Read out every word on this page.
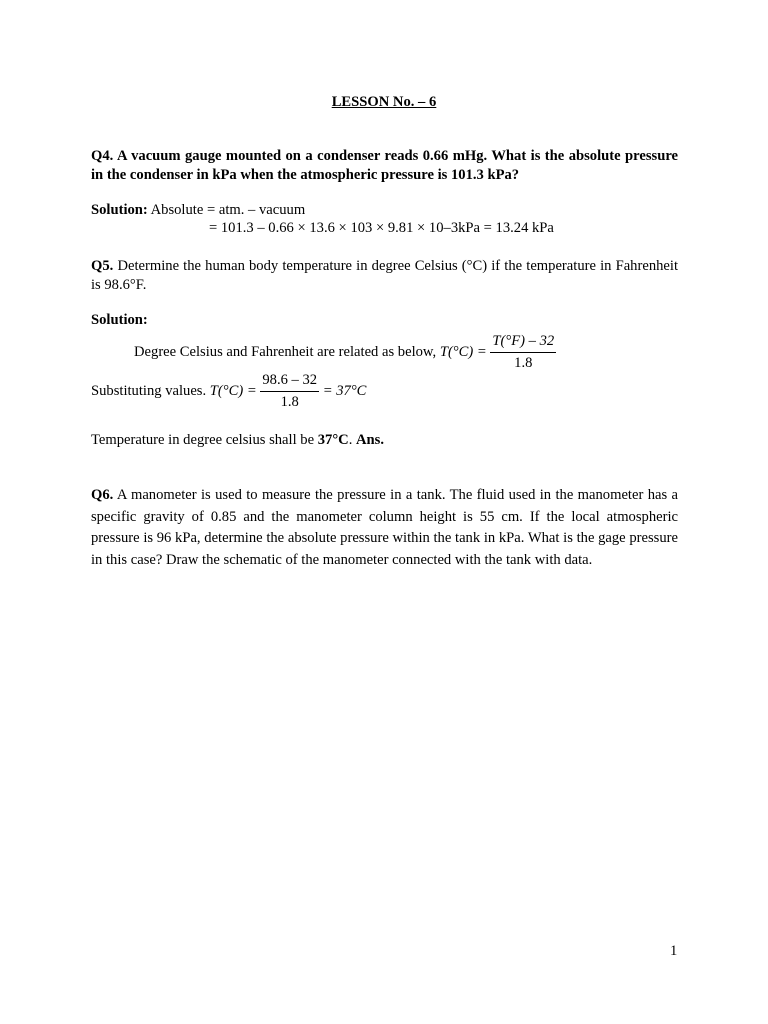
LESSON No. – 6
Q4. A vacuum gauge mounted on a condenser reads 0.66 mHg. What is the absolute pressure in the condenser in kPa when the atmospheric pressure is 101.3 kPa?
Solution: Absolute = atm. – vacuum
= 101.3 – 0.66 × 13.6 × 103 × 9.81 × 10–3kPa = 13.24 kPa
Q5. Determine the human body temperature in degree Celsius (°C) if the temperature in Fahrenheit is 98.6°F.
Solution:
Degree Celsius and Fahrenheit are related as below, $T(^\circ C) = \frac{T(^\circ F) - 32}{1.8}$
Substituting values. $T(^\circ C) = \frac{98.6 - 32}{1.8} = 37^\circ C$
Temperature in degree celsius shall be 37°C. Ans.
Q6. A manometer is used to measure the pressure in a tank. The fluid used in the manometer has a specific gravity of 0.85 and the manometer column height is 55 cm. If the local atmospheric pressure is 96 kPa, determine the absolute pressure within the tank in kPa. What is the gage pressure in this case? Draw the schematic of the manometer connected with the tank with data.
1
